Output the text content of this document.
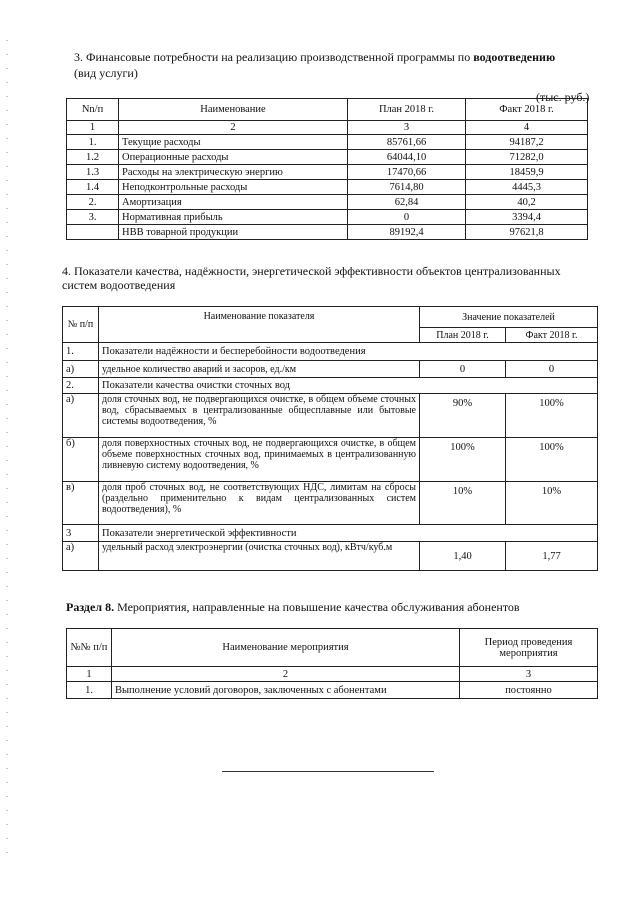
3. Финансовые потребности на реализацию производственной программы по водоотведению
(вид услуги)
(тыс. руб.)
Nn/п	Наименование	План 2018 г.	Факт 2018 г.
1	2	3	4
1.	Текущие расходы	85761,66	94187,2
1.2	Операционные расходы	64044,10	71282,0
1.3	Расходы на электрическую энергию	17470,66	18459,9
1.4	Неподконтрольные расходы	7614,80	4445,3
2.	Амортизация	62,84	40,2
3.	Нормативная прибыль	0	3394,4
	НВВ товарной продукции	89192,4	97621,8
4. Показатели качества, надёжности, энергетической эффективности объектов централизованных систем водоотведения
№ п/п	Наименование показателя	Значение показателей	
		План 2018 г.	Факт 2018 г.
1.	Показатели надёжности и бесперебойности водоотведения		
а)	удельное количество аварий и засоров, ед./км	0	0
2.	Показатели качества очистки сточных вод		
а)	доля сточных вод, не подвергающихся очистке, в общем объеме сточных вод, сбрасываемых в централизованные общесплавные или бытовые системы водоотведения, %	90%	100%
б)	доля поверхностных сточных вод, не подвергающихся очистке, в общем объеме поверхностных сточных вод, принимаемых в централизованную ливневую систему водоотведения, %	100%	100%
в)	доля проб сточных вод, не соответствующих НДС, лимитам на сбросы (раздельно применительно к видам централизованных систем водоотведения), %	10%	10%
3	Показатели энергетической эффективности		
а)	удельный расход электроэнергии (очистка сточных вод), кВтч/куб.м	1,40	1,77
Раздел 8. Мероприятия, направленные на повышение качества обслуживания абонентов
№№ п/п	Наименование мероприятия	Период проведения мероприятия
1	2	3
1.	Выполнение условий договоров, заключенных с абонентами	постоянно
